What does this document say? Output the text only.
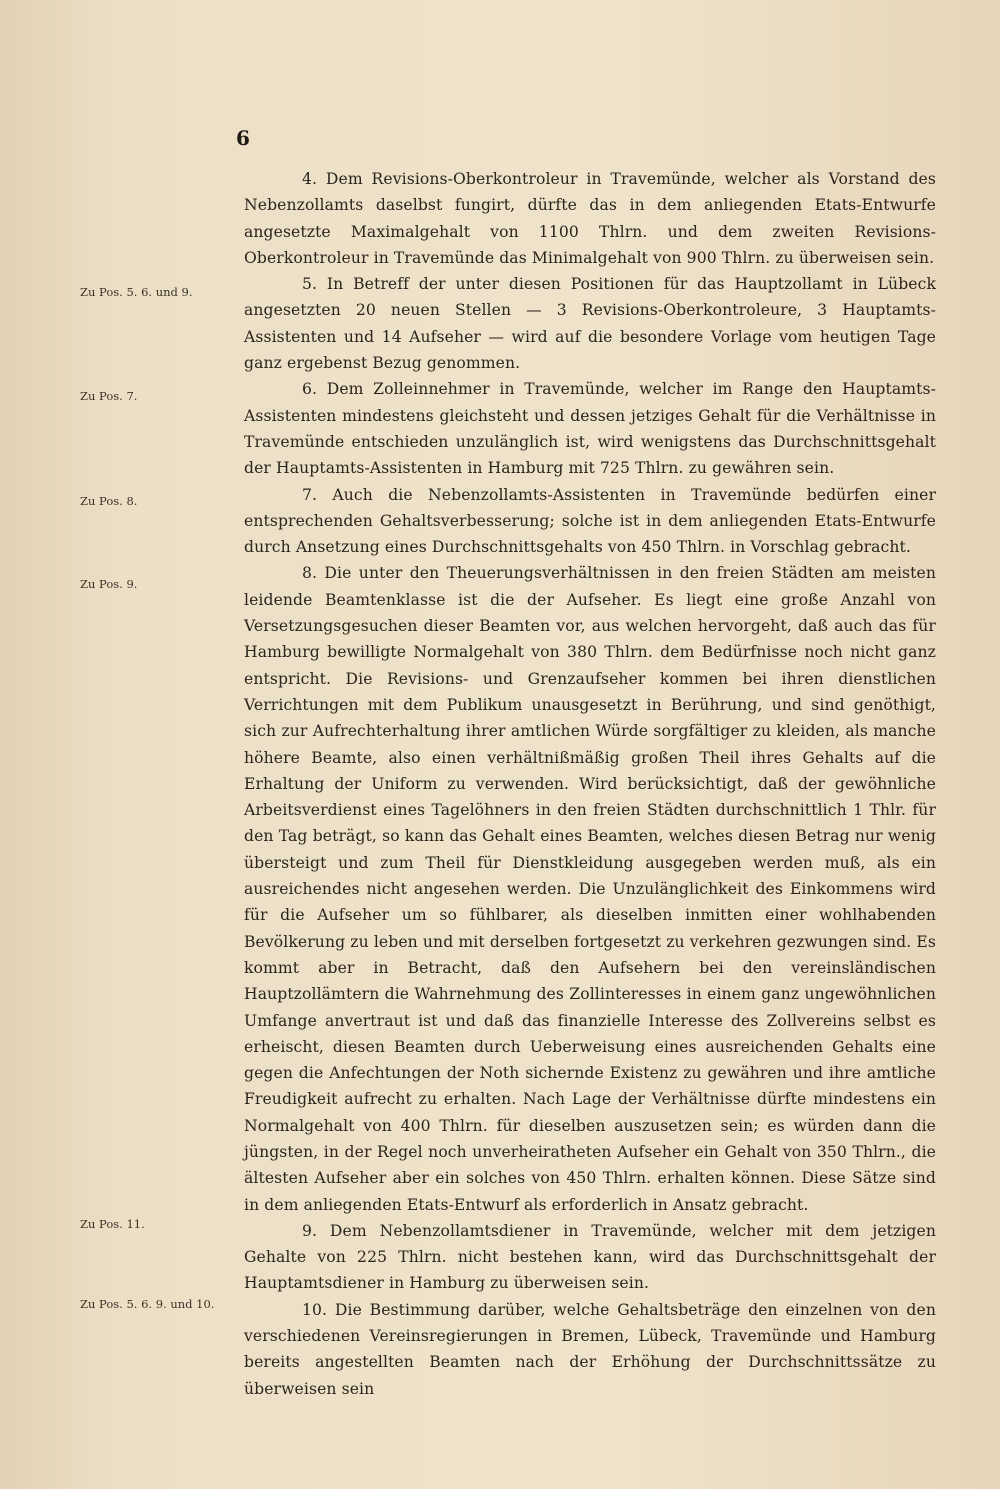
6
Zu Pos. 5. 6. und 9.
Zu Pos. 7.
Zu Pos. 8.
Zu Pos. 9.
Zu Pos. 11.
Zu Pos. 5. 6. 9. und 10.

4. Dem Revisions-Oberkontroleur in Travemünde, welcher als Vorstand des Nebenzollamts daselbst fungirt, dürfte das in dem anliegenden Etats-Entwurfe angesetzte Maximalgehalt von 1100 Thlrn. und dem zweiten Revisions-Oberkontroleur in Travemünde das Minimalgehalt von 900 Thlrn. zu überweisen sein.

5. In Betreff der unter diesen Positionen für das Hauptzollamt in Lübeck angesetzten 20 neuen Stellen — 3 Revisions-Oberkontroleure, 3 Hauptamts-Assistenten und 14 Aufseher — wird auf die besondere Vorlage vom heutigen Tage ganz ergebenst Bezug genommen.

6. Dem Zolleinnehmer in Travemünde, welcher im Range den Hauptamts-Assistenten mindestens gleichsteht und dessen jetziges Gehalt für die Verhältnisse in Travemünde entschieden unzulänglich ist, wird wenigstens das Durchschnittsgehalt der Hauptamts-Assistenten in Hamburg mit 725 Thlrn. zu gewähren sein.

7. Auch die Nebenzollamts-Assistenten in Travemünde bedürfen einer entsprechenden Gehaltsverbesserung; solche ist in dem anliegenden Etats-Entwurfe durch Ansetzung eines Durchschnittsgehalts von 450 Thlrn. in Vorschlag gebracht.

8. Die unter den Theuerungsverhältnissen in den freien Städten am meisten leidende Beamtenklasse ist die der Aufseher. Es liegt eine große Anzahl von Versetzungsgesuchen dieser Beamten vor, aus welchen hervorgeht, daß auch das für Hamburg bewilligte Normalgehalt von 380 Thlrn. dem Bedürfnisse noch nicht ganz entspricht. Die Revisions- und Grenzaufseher kommen bei ihren dienstlichen Verrichtungen mit dem Publikum unausgesetzt in Berührung, und sind genöthigt, sich zur Aufrechterhaltung ihrer amtlichen Würde sorgfältiger zu kleiden, als manche höhere Beamte, also einen verhältnißmäßig großen Theil ihres Gehalts auf die Erhaltung der Uniform zu verwenden. Wird berücksichtigt, daß der gewöhnliche Arbeitsverdienst eines Tagelöhners in den freien Städten durchschnittlich 1 Thlr. für den Tag beträgt, so kann das Gehalt eines Beamten, welches diesen Betrag nur wenig übersteigt und zum Theil für Dienstkleidung ausgegeben werden muß, als ein ausreichendes nicht angesehen werden. Die Unzulänglichkeit des Einkommens wird für die Aufseher um so fühlbarer, als dieselben inmitten einer wohlhabenden Bevölkerung zu leben und mit derselben fortgesetzt zu verkehren gezwungen sind. Es kommt aber in Betracht, daß den Aufsehern bei den vereinsländischen Hauptzollämtern die Wahrnehmung des Zollinteresses in einem ganz ungewöhnlichen Umfange anvertraut ist und daß das finanzielle Interesse des Zollvereins selbst es erheischt, diesen Beamten durch Ueberweisung eines ausreichenden Gehalts eine gegen die Anfechtungen der Noth sichernde Existenz zu gewähren und ihre amtliche Freudigkeit aufrecht zu erhalten. Nach Lage der Verhältnisse dürfte mindestens ein Normalgehalt von 400 Thlrn. für dieselben auszusetzen sein; es würden dann die jüngsten, in der Regel noch unverheiratheten Aufseher ein Gehalt von 350 Thlrn., die ältesten Aufseher aber ein solches von 450 Thlrn. erhalten können. Diese Sätze sind in dem anliegenden Etats-Entwurf als erforderlich in Ansatz gebracht.

9. Dem Nebenzollamtsdiener in Travemünde, welcher mit dem jetzigen Gehalte von 225 Thlrn. nicht bestehen kann, wird das Durchschnittsgehalt der Hauptamtsdiener in Hamburg zu überweisen sein.

10. Die Bestimmung darüber, welche Gehaltsbeträge den einzelnen von den verschiedenen Vereinsregierungen in Bremen, Lübeck, Travemünde und Hamburg bereits angestellten Beamten nach der Erhöhung der Durchschnittssätze zu überweisen sein
